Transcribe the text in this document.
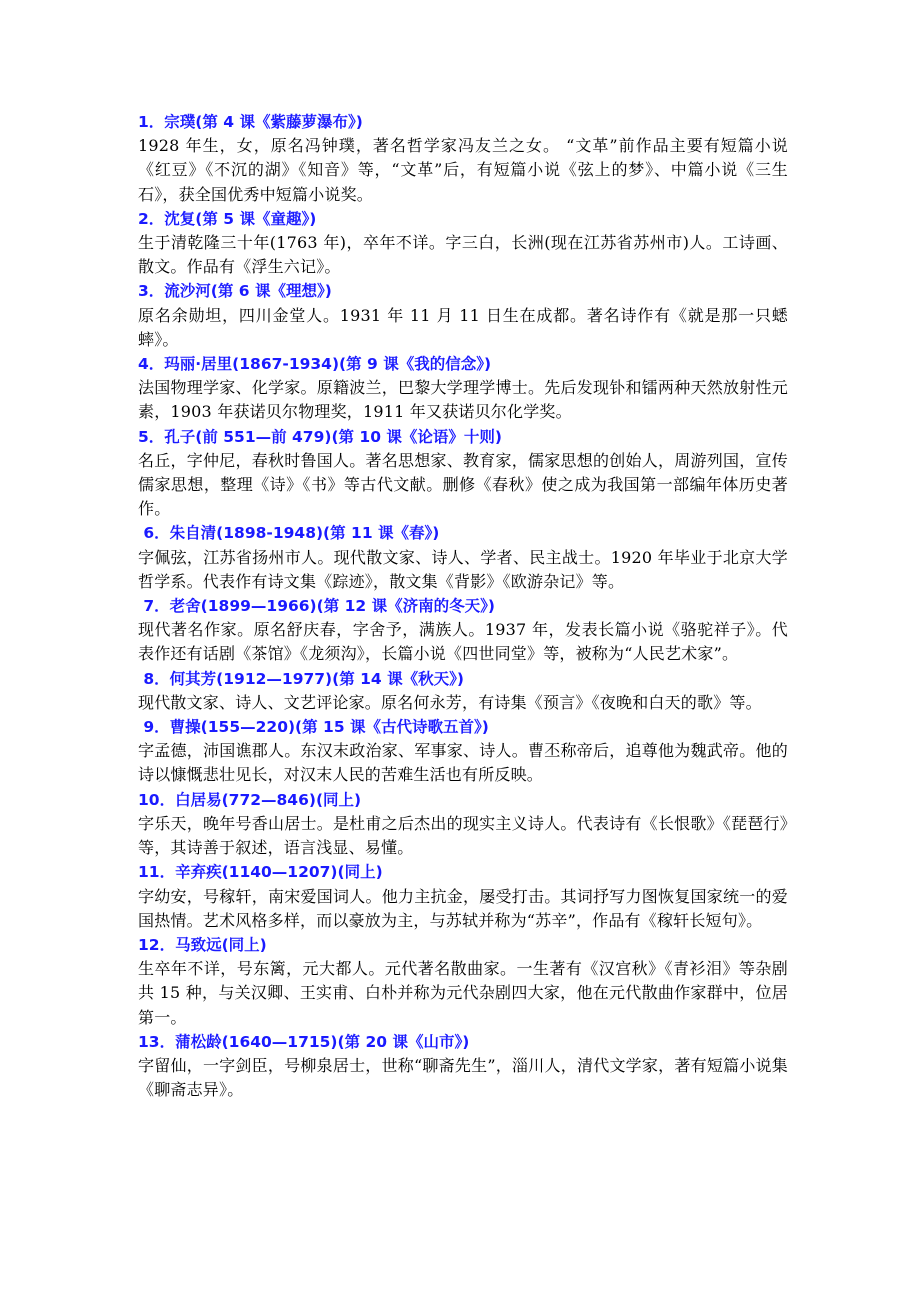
1．宗璞(第 4 课《紫藤萝瀑布》)
1928 年生，女，原名冯钟璞，著名哲学家冯友兰之女。 “文革”前作品主要有短篇小说《红豆》《不沉的湖》《知音》等，“文革”后，有短篇小说《弦上的梦》、中篇小说《三生石》，获全国优秀中短篇小说奖。
2．沈复(第 5 课《童趣》)
生于清乾隆三十年(1763 年)，卒年不详。字三白，长洲(现在江苏省苏州市)人。工诗画、散文。作品有《浮生六记》。
3．流沙河(第 6 课《理想》)
原名余勋坦，四川金堂人。1931 年 11 月 11 日生在成都。著名诗作有《就是那一只蟋蟀》。
4．玛丽·居里(1867-1934)(第 9 课《我的信念》)
法国物理学家、化学家。原籍波兰，巴黎大学理学博士。先后发现钋和镭两种天然放射性元素，1903 年获诺贝尔物理奖，1911 年又获诺贝尔化学奖。
5．孔子(前 551—前 479)(第 10 课《论语》十则)
名丘，字仲尼，春秋时鲁国人。著名思想家、教育家，儒家思想的创始人，周游列国，宣传儒家思想，整理《诗》《书》等古代文献。删修《春秋》使之成为我国第一部编年体历史著作。
6．朱自清(1898-1948)(第 11 课《春》)
字佩弦，江苏省扬州市人。现代散文家、诗人、学者、民主战士。1920 年毕业于北京大学哲学系。代表作有诗文集《踪迹》，散文集《背影》《欧游杂记》等。
7．老舍(1899—1966)(第 12 课《济南的冬天》)
现代著名作家。原名舒庆春，字舍予，满族人。1937 年，发表长篇小说《骆驼祥子》。代表作还有话剧《茶馆》《龙须沟》，长篇小说《四世同堂》等，被称为“人民艺术家”。
8．何其芳(1912—1977)(第 14 课《秋天》)
现代散文家、诗人、文艺评论家。原名何永芳，有诗集《预言》《夜晚和白天的歌》等。
9．曹操(155—220)(第 15 课《古代诗歌五首》)
字孟德，沛国谯郡人。东汉末政治家、军事家、诗人。曹丕称帝后，追尊他为魏武帝。他的诗以慷慨悲壮见长，对汉末人民的苦难生活也有所反映。
10．白居易(772—846)(同上)
字乐天，晚年号香山居士。是杜甫之后杰出的现实主义诗人。代表诗有《长恨歌》《琵琶行》等，其诗善于叙述，语言浅显、易懂。
11．辛弃疾(1140—1207)(同上)
字幼安，号稼轩，南宋爱国词人。他力主抗金，屡受打击。其词抒写力图恢复国家统一的爱国热情。艺术风格多样，而以豪放为主，与苏轼并称为“苏辛”，作品有《稼轩长短句》。
12．马致远(同上)
生卒年不详，号东篱，元大都人。元代著名散曲家。一生著有《汉宫秋》《青衫泪》等杂剧共 15 种，与关汉卿、王实甫、白朴并称为元代杂剧四大家，他在元代散曲作家群中，位居第一。
13．蒲松龄(1640—1715)(第 20 课《山市》)
字留仙，一字剑臣，号柳泉居士，世称“聊斋先生”，淄川人，清代文学家，著有短篇小说集《聊斋志异》。
